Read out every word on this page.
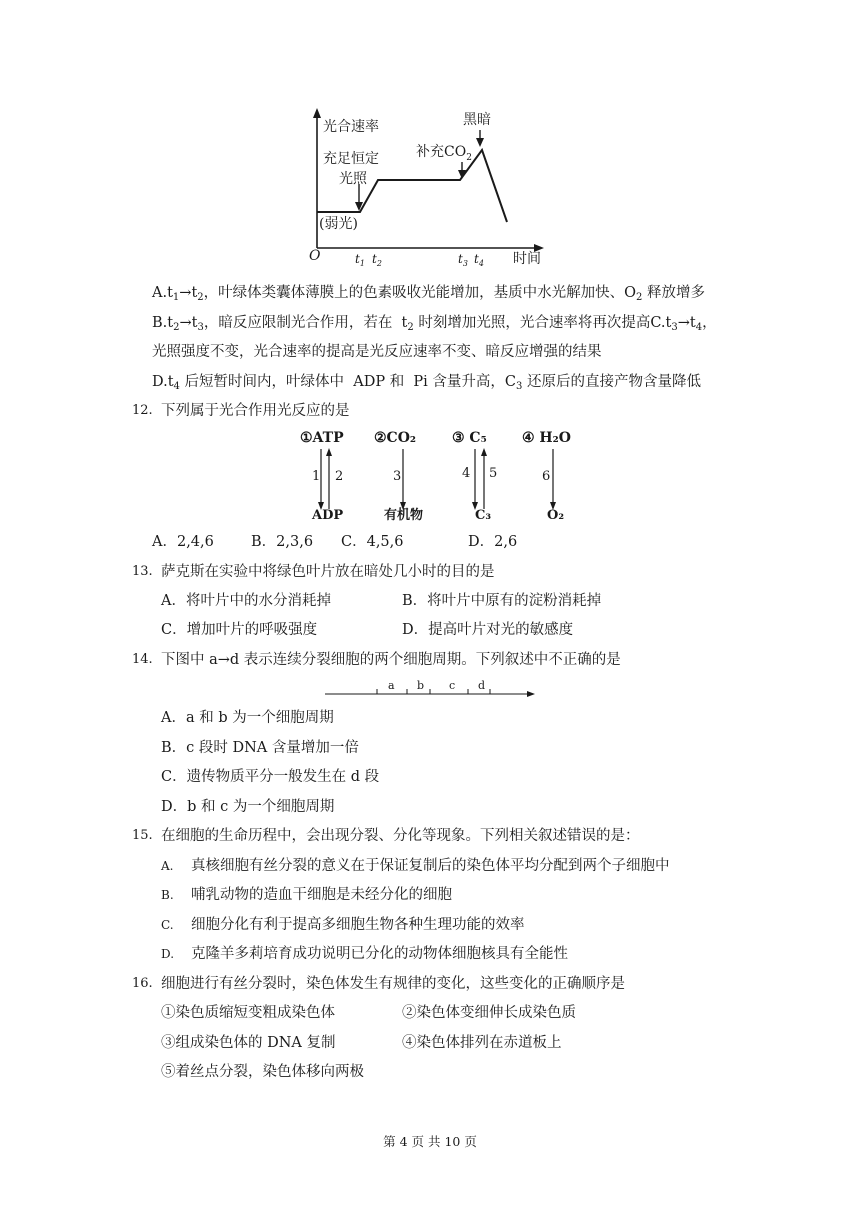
光合速率
充足恒定
光照
(弱光)
补充$CO_2$
黑暗
O	时间
$t_1$ $t_2$	$t_3$ $t_4$
$A.t_1\to t_2$，叶绿体类囊体薄膜上的色素吸收光能增加，基质中水光解加快、$O_2$ 释放增多
$B.t_2\to t_3$，暗反应限制光合作用，若在  $t_2$ 时刻增加光照，光合速率将再次提高$C.t_3\to t_4$，
光照强度不变，光合速率的提高是光反应速率不变、暗反应增强的结果
$D.t_4$ 后短暂时间内，叶绿体中  ADP 和  Pi 含量升高，$C_3$ 还原后的直接产物含量降低
12. 下列属于光合作用光反应的是
①ATP
1 2
ADP
②CO₂
3
有机物
③ C₅
4 5
C₃
④ H₂O
6
O₂
A．2,4,6	B．2,3,6 C．4,5,6	D．2,6
13. 萨克斯在实验中将绿色叶片放在暗处几小时的目的是
A．将叶片中的水分消耗掉	B．将叶片中原有的淀粉消耗掉
C．增加叶片的呼吸强度	D．提高叶片对光的敏感度
14. 下图中 a→d 表示连续分裂细胞的两个细胞周期。下列叙述中不正确的是
a b c d
A．a 和 b 为一个细胞周期
B．c 段时 DNA 含量增加一倍
C．遗传物质平分一般发生在 d 段
D．b 和 c 为一个细胞周期
15. 在细胞的生命历程中，会出现分裂、分化等现象。下列相关叙述错误的是：
A. 真核细胞有丝分裂的意义在于保证复制后的染色体平均分配到两个子细胞中
B. 哺乳动物的造血干细胞是未经分化的细胞
C. 细胞分化有利于提高多细胞生物各种生理功能的效率
D. 克隆羊多莉培育成功说明已分化的动物体细胞核具有全能性
16. 细胞进行有丝分裂时，染色体发生有规律的变化，这些变化的正确顺序是
①染色质缩短变粗成染色体	②染色体变细伸长成染色质
③组成染色体的 DNA 复制	④染色体排列在赤道板上
⑤着丝点分裂，染色体移向两极
第 4 页 共 10 页
